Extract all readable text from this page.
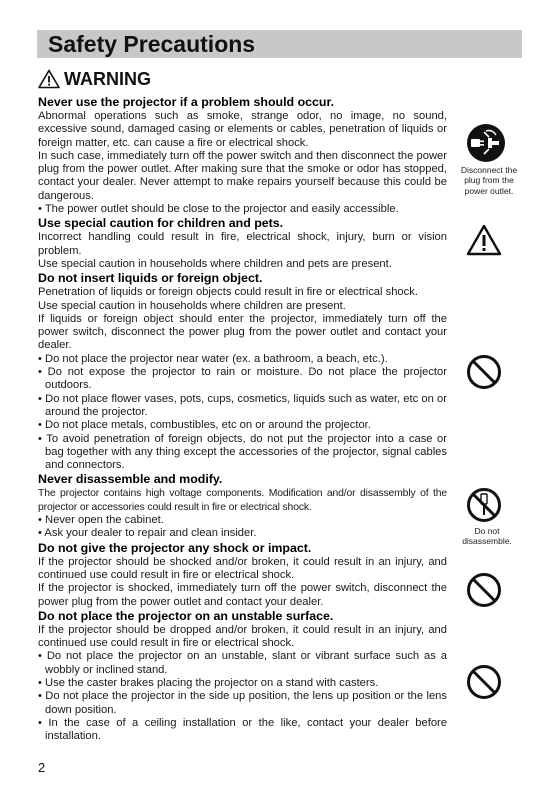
Safety Precautions
WARNING
Never use the projector if a problem should occur.

Abnormal operations such as smoke, strange odor, no image, no sound, excessive sound, damaged casing or elements or cables, penetration of liquids or foreign matter, etc. can cause a fire or electrical shock.

In such case, immediately turn off the power switch and then disconnect the power plug from the power outlet. After making sure that the smoke or odor has stopped, contact your dealer. Never attempt to make repairs yourself because this could be dangerous.

• The power outlet should be close to the projector and easily accessible.

Use special caution for children and pets.

Incorrect handling could result in fire, electrical shock, injury, burn or vision problem.

Use special caution in households where children and pets are present.

Do not insert liquids or foreign object.

Penetration of liquids or foreign objects could result in fire or electrical shock.

Use special caution in households where children are present.

If liquids or foreign object should enter the projector, immediately turn off the power switch, disconnect the power plug from the power outlet and contact your dealer.

• Do not place the projector near water (ex. a bathroom, a beach, etc.).

• Do not expose the projector to rain or moisture. Do not place the projector outdoors.

• Do not place flower vases, pots, cups, cosmetics, liquids such as water, etc on or around the projector.

• Do not place metals, combustibles, etc on or around the projector.

• To avoid penetration of foreign objects, do not put the projector into a case or bag together with any thing except the accessories of the projector, signal cables and connectors.

Never disassemble and modify.

The projector contains high voltage components. Modification and/or disassembly of the projector or accessories could result in fire or electrical shock.

• Never open the cabinet.

• Ask your dealer to repair and clean insider.

Do not give the projector any shock or impact.

If the projector should be shocked and/or broken, it could result in an injury, and continued use could result in fire or electrical shock.

If the projector is shocked, immediately turn off the power switch, disconnect the power plug from the power outlet and contact your dealer.

Do not place the projector on an unstable surface.

If the projector should be dropped and/or broken, it could result in an injury, and continued use could result in fire or electrical shock.

• Do not place the projector on an unstable, slant or vibrant surface such as a wobbly or inclined stand.

• Use the caster brakes placing the projector on a stand with casters.

• Do not place the projector in the side up position, the lens up position or the lens down position.

• In the case of a ceiling installation or the like, contact your dealer before installation.

Disconnect the plug from the power outlet.
Do not disassemble.
2
